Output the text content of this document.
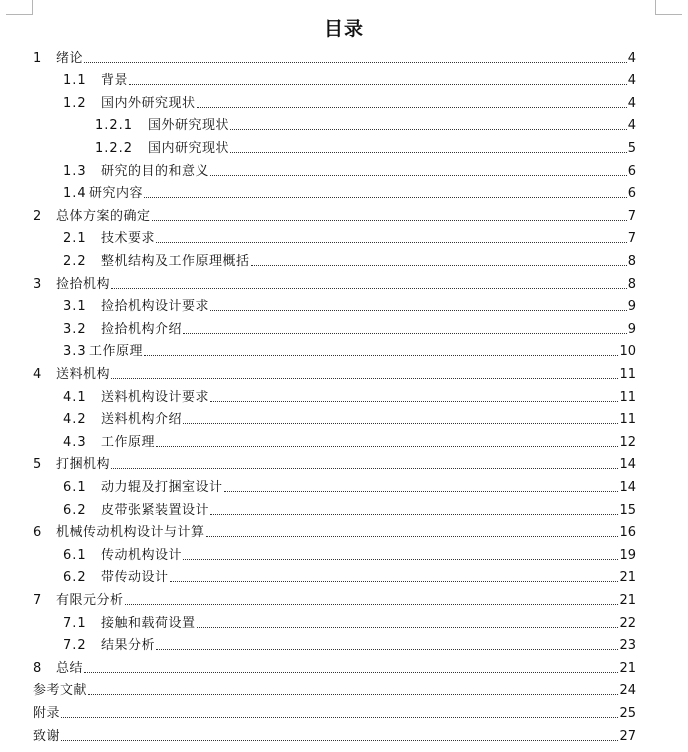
目录
1	绪论	4
1.1	背景	4
1.2	国内外研究现状	4
1.2.1	国外研究现状	4
1.2.2	国内研究现状	5
1.3	研究的目的和意义	6
1.4 研究内容	6
2	总体方案的确定	7
2.1	技术要求	7
2.2	整机结构及工作原理概括	8
3	捡拾机构	8
3.1	捡拾机构设计要求	9
3.2	捡拾机构介绍	9
3.3 工作原理	10
4	送料机构	11
4.1	送料机构设计要求	11
4.2	送料机构介绍	11
4.3	工作原理	12
5	打捆机构	14
6.1	动力辊及打捆室设计	14
6.2	皮带张紧装置设计	15
6	机械传动机构设计与计算	16
6.1	传动机构设计	19
6.2	带传动设计	21
7	有限元分析	21
7.1	接触和载荷设置	22
7.2	结果分析	23
8	总结	21
参考文献	24
附录	25
致谢	27
